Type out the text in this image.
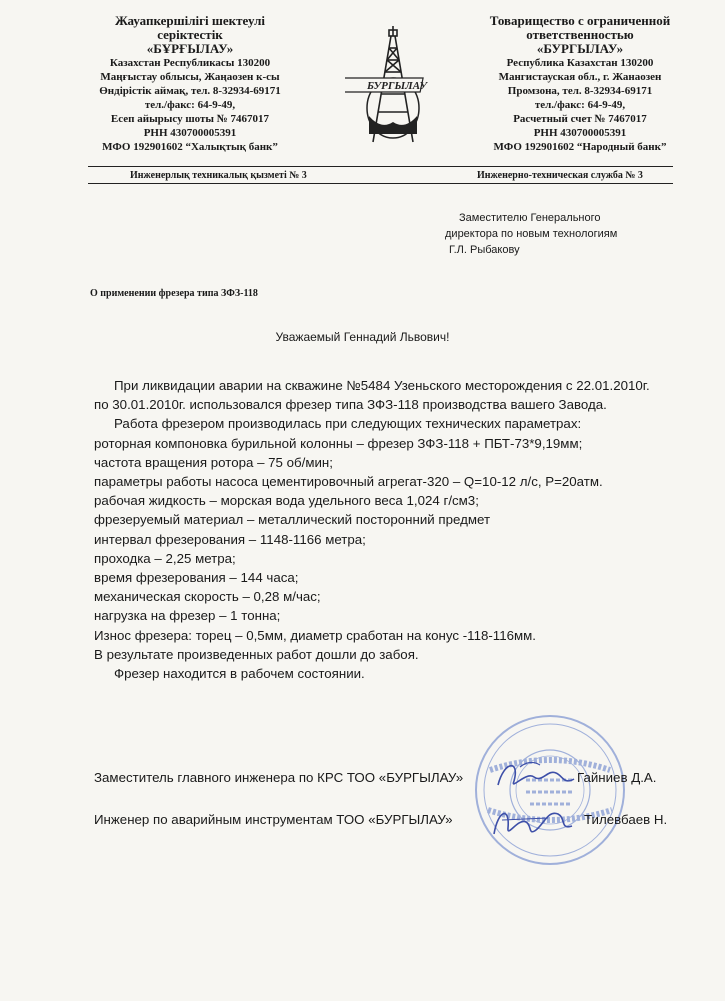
Жауапкершілігі шектеулі
серіктестік
«БҰРҒЫЛАУ»
Казахстан Республикасы 130200
Маңғыстау облысы, Жаңаозен к-сы
Өндірістік аймақ, тел. 8-32934-69171
тел./факс: 64-9-49,
Есеп айырысу шоты № 7467017
РНН 430700005391
МФО 192901602 “Халықтық банк”
БУРГЫЛАУ
Товарищество с ограниченной
ответственностью
«БУРГЫЛАУ»
Республика Казахстан 130200
Мангистауская обл., г. Жанаозен
Промзона, тел. 8-32934-69171
тел./факс: 64-9-49,
Расчетный счет № 7467017
РНН 430700005391
МФО 192901602 “Народный банк”
Инженерлық техникалық қызметі № 3	Инженерно-техническая служба № 3
Заместителю Генерального
директора по новым технологиям
Г.Л. Рыбакову
О применении фрезера типа ЗФЗ-118
Уважаемый Геннадий Львович!
При ликвидации аварии на скважине №5484 Узеньского месторождения с 22.01.2010г.
по 30.01.2010г. использовался фрезер типа ЗФЗ-118 производства вашего Завода.
Работа фрезером производилась при следующих технических параметрах:
роторная компоновка бурильной колонны – фрезер ЗФЗ-118 + ПБТ-73*9,19мм;
частота вращения ротора – 75 об/мин;
параметры работы насоса цементировочный агрегат-320 – Q=10-12 л/с, Р=20атм.
рабочая жидкость – морская вода удельного веса 1,024 г/см3;
фрезеруемый материал – металлический посторонний предмет
интервал фрезерования – 1148-1166 метра;
проходка – 2,25 метра;
время фрезерования – 144 часа;
механическая скорость – 0,28 м/час;
нагрузка на фрезер – 1 тонна;
Износ фрезера: торец – 0,5мм, диаметр сработан на конус -118-116мм.
В результате произведенных работ дошли до забоя.
Фрезер находится в рабочем состоянии.
Заместитель главного инженера по КРС ТОО «БУРГЫЛАУ»	Гайниев Д.А.
Инженер по аварийным инструментам ТОО «БУРГЫЛАУ»	Тилевбаев Н.
